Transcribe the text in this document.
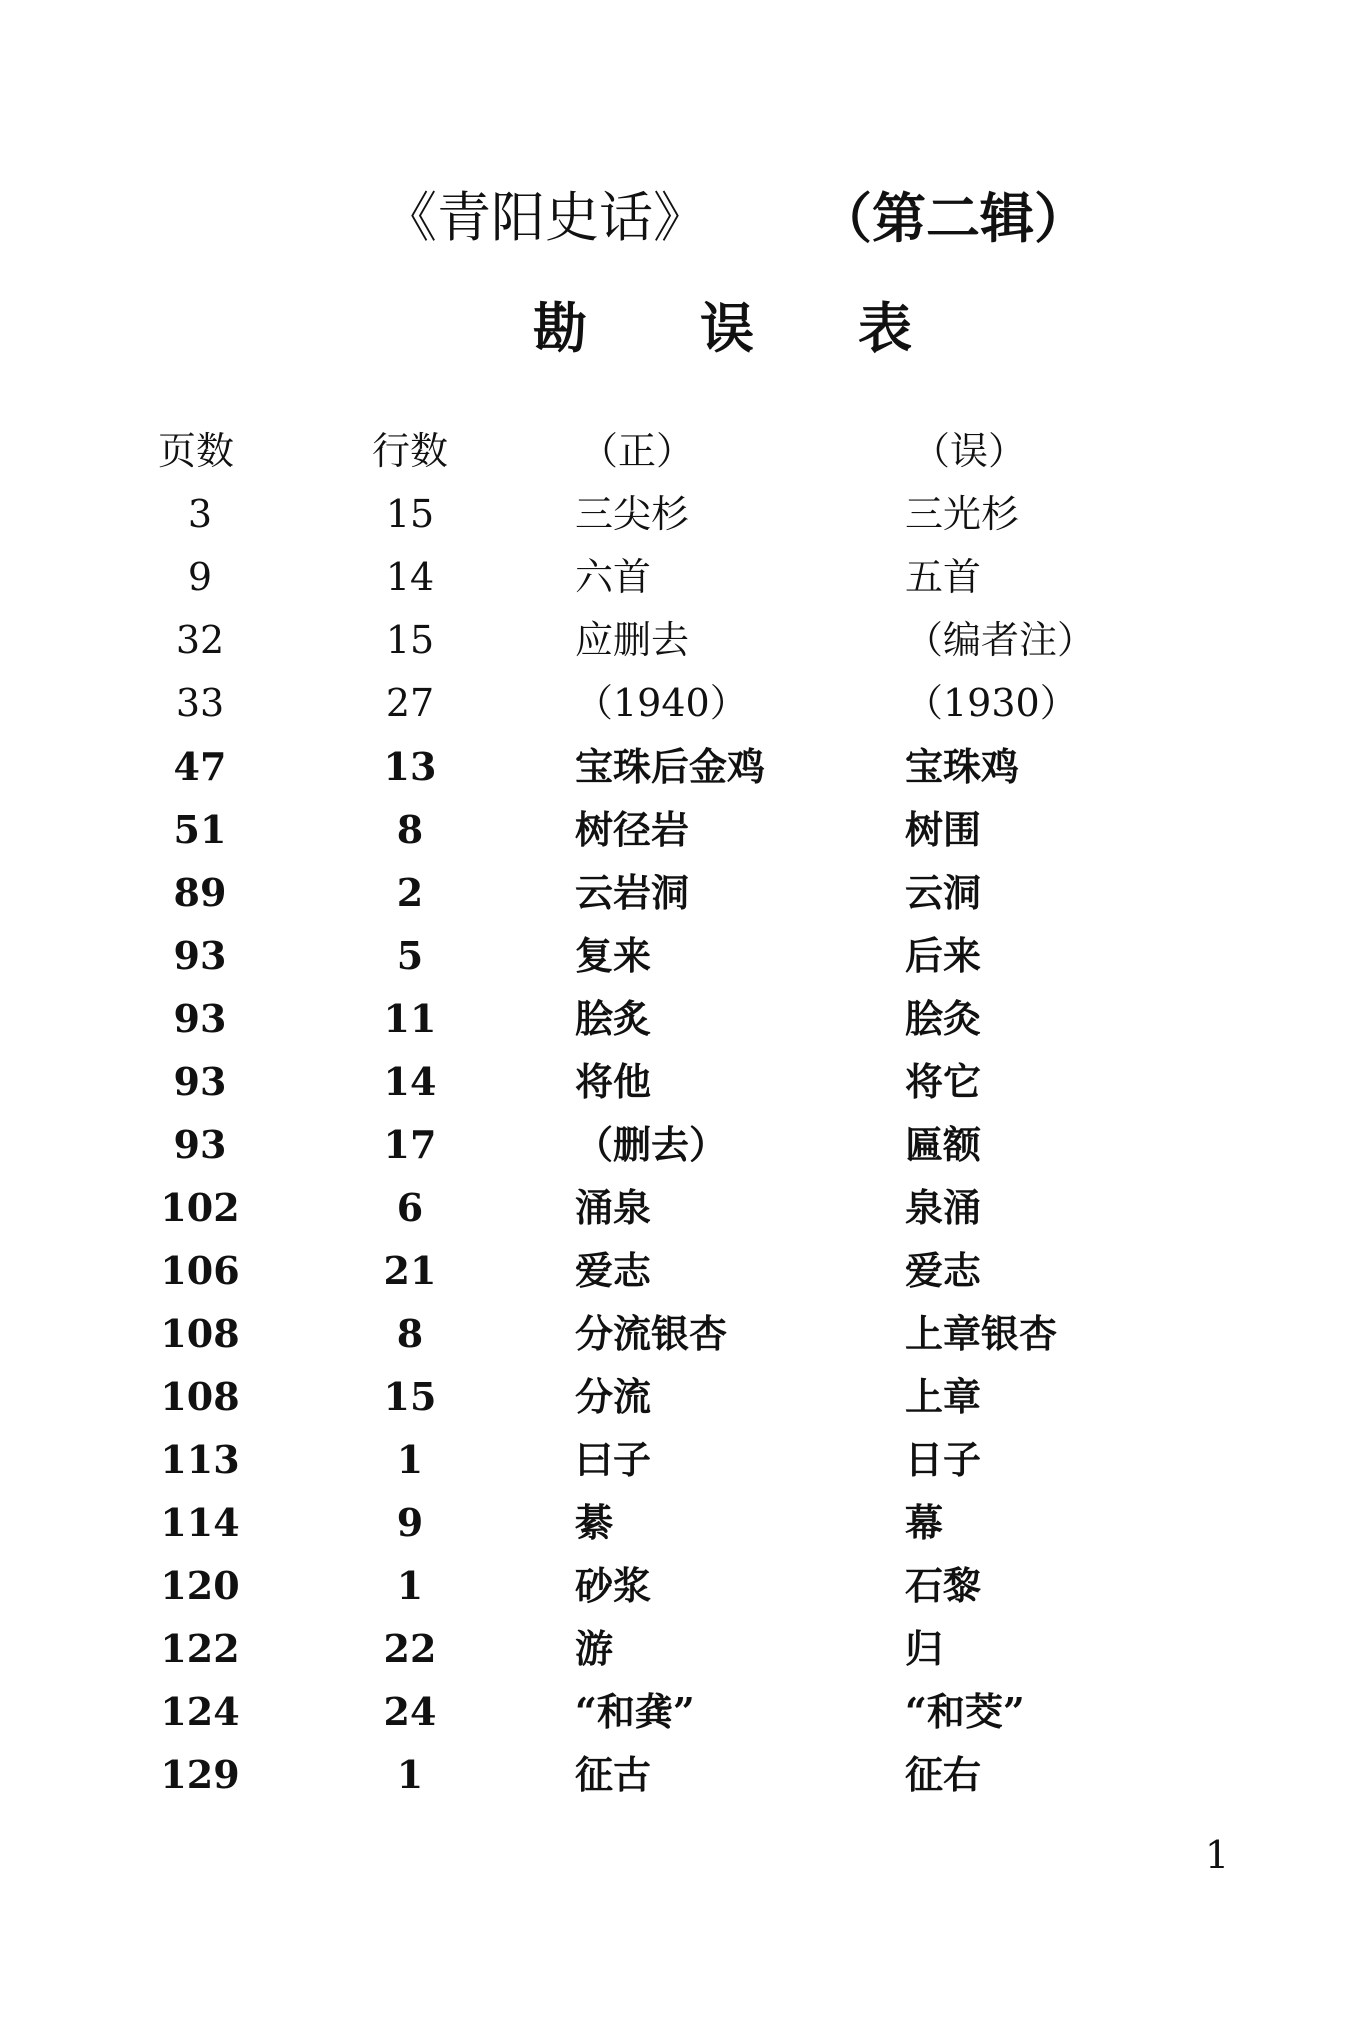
《青阳史话》 （第二辑）
勘 误 表
页数	行数	（正）	（误）
3	15	三尖杉	三光杉
9	14	六首	五首
32	15	应删去	（编者注）
33	27	（1940）	（1930）
47	13	宝珠后金鸡	宝珠鸡
51	8	树径岩	树围
89	2	云岩洞	云洞
93	5	复来	后来
93	11	脍炙	脍灸
93	14	将他	将它
93	17	（删去）	匾额
102	6	涌泉	泉涌
106	21	爱志	爱志
108	8	分流银杏	上章银杏
108	15	分流	上章
113	1	曰子	日子
114	9	綦	幕
120	1	砂浆	石黎
122	22	游	归
124	24	“和龚”	“和茭”
129	1	征古	征右
1
